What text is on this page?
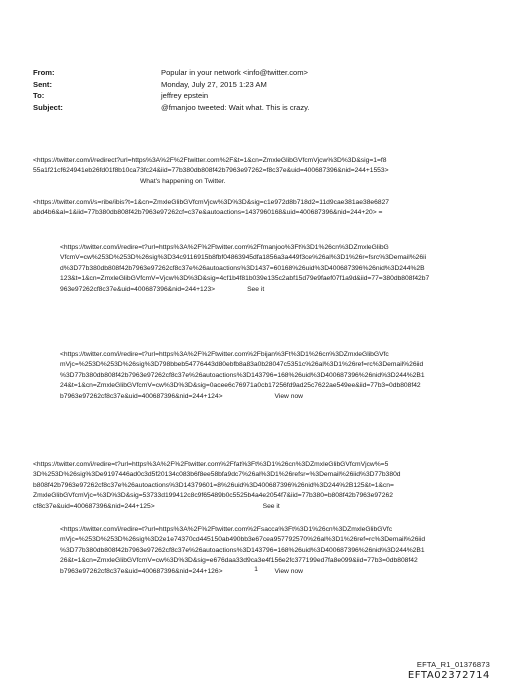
From:	Popular in your network <info@twitter.com>
Sent:	Monday, July 27, 2015 1:23 AM
To:	jeffrey epstein
Subject:	@fmanjoo tweeted: Wait what. This is crazy.
<https://twitter.com/i/redirect?url=https%3A%2F%2Ftwitter.com%2F&t=1&cn=ZmxleGlibGVfcmVjcw%3D%3D&sig=1=f8
55a1f21cf624941eb26fd01f8b10ca73fc24&iid=77b380db808f42b7963e97262=f8c37e&uid=400687396&nid=244+1553>
What's happening on Twitter.
<https://twitter.com/i/s=ribe/ibis?t=1&cn=ZmxleGlibGVfcmVjcw%3D%3D&sig=c1e972d8b718d2=11d9cae381ae38e6827
abd4b6&al=1&iid=77b380db808f42b7963e97262cf=c37e&autoactions=1437960168&uid=400687396&nid=244+20> =
<https://twitter.com/i/redire=t?url=https%3A%2F%2Ftwitter.com%2Ffmanjoo%3Ft%3D1%26cn%3DZmxleGlibG
VfcmV=cw%253D%253D%26sig%3D34c9116915b8fbf04863945dfa1856a3a449f3ce%26al%3D1%26r=fsrc%3Demail%26ii
d%3D77b380db808f42b7963e97262cf8c37e%26autoactions%3D1437=60168%26uid%3D400687396%26nid%3D244%2B
123&t=1&cn=ZmxleGlibGVfcmV=Vjcw%3D%3D&sig=4cf1b4f81b039e135c2abf15d79e9faef07f1a9d&iid=77=380db808f42b7
963e97262cf8c37e&uid=400687396&nid=244+123>	See it
<https://twitter.com/i/redire=t?url=https%3A%2F%2Ftwitter.com%2Fbijan%3Ft%3D1%26cn%3DZmxleGlibGVfc
mVjc=%253D%253D%26sig%3D798bbeb54776443d80ebfb8a83a0b28047c5351c%26al%3D1%26ref=rc%3Demail%26iid
%3D77b380db808f42b7963e97262cf8c37e%26autoactions%3D143796=168%26uid%3D400687396%26nid%3D244%2B1
24&t=1&cn=ZmxleGlibGVfcmV=cw%3D%3D&sig=0acee6c76971a0cb17256fd9ad25c7622ae549ee&iid=77b3=0db808f42
b7963e97262cf8c37e&uid=400687396&nid=244+124>	View now
<https://twitter.com/i/redire=t?url=https%3A%2F%2Ftwitter.com%2Ffat%3Ft%3D1%26cn%3DZmxleGlibGVfcmVjcw%=5
3D%253D%26sig%3De9197446ad0c3d5f20134c083b6f8ee58bfa9dc7%26al%3D1%26refsr=%3Demail%26iid%3D77b380d
b808f42b7963e97262cf8c37e%26autoactions%3D14379601=8%26uid%3D400687396%26nid%3D244%2B125&t=1&cn=
ZmxleGlibGVfcmVjc=%3D%3D&sig=53733d199412c8c9f65489b0c5525b4a4e2054f7&iid=77b380=b808f42b7963e97262
cf8c37e&uid=400687396&nid=244+125>	See it
<https://twitter.com/i/redire=t?url=https%3A%2F%2Ftwitter.com%2Fsacca%3Ft%3D1%26cn%3DZmxleGlibGVfc
mVjc=%253D%253D%26sig%3D2e1e74370cd445150ab490bb3e67cea957792570%26al%3D1%26ref=rc%3Demail%26iid
%3D77b380db808f42b7963e97262cf8c37e%26autoactions%3D143796=168%26uid%3D400687396%26nid%3D244%2B1
26&t=1&cn=ZmxleGlibGVfcmV=cw%3D%3D&sig=e676daa33d9ca3e4f156e2fc377199ed7fa8e099&iid=77b3=0db808f42
b7963e97262cf8c37e&uid=400687396&nid=244+126>	View now
1
EFTA_R1_01376873
EFTA02372714
